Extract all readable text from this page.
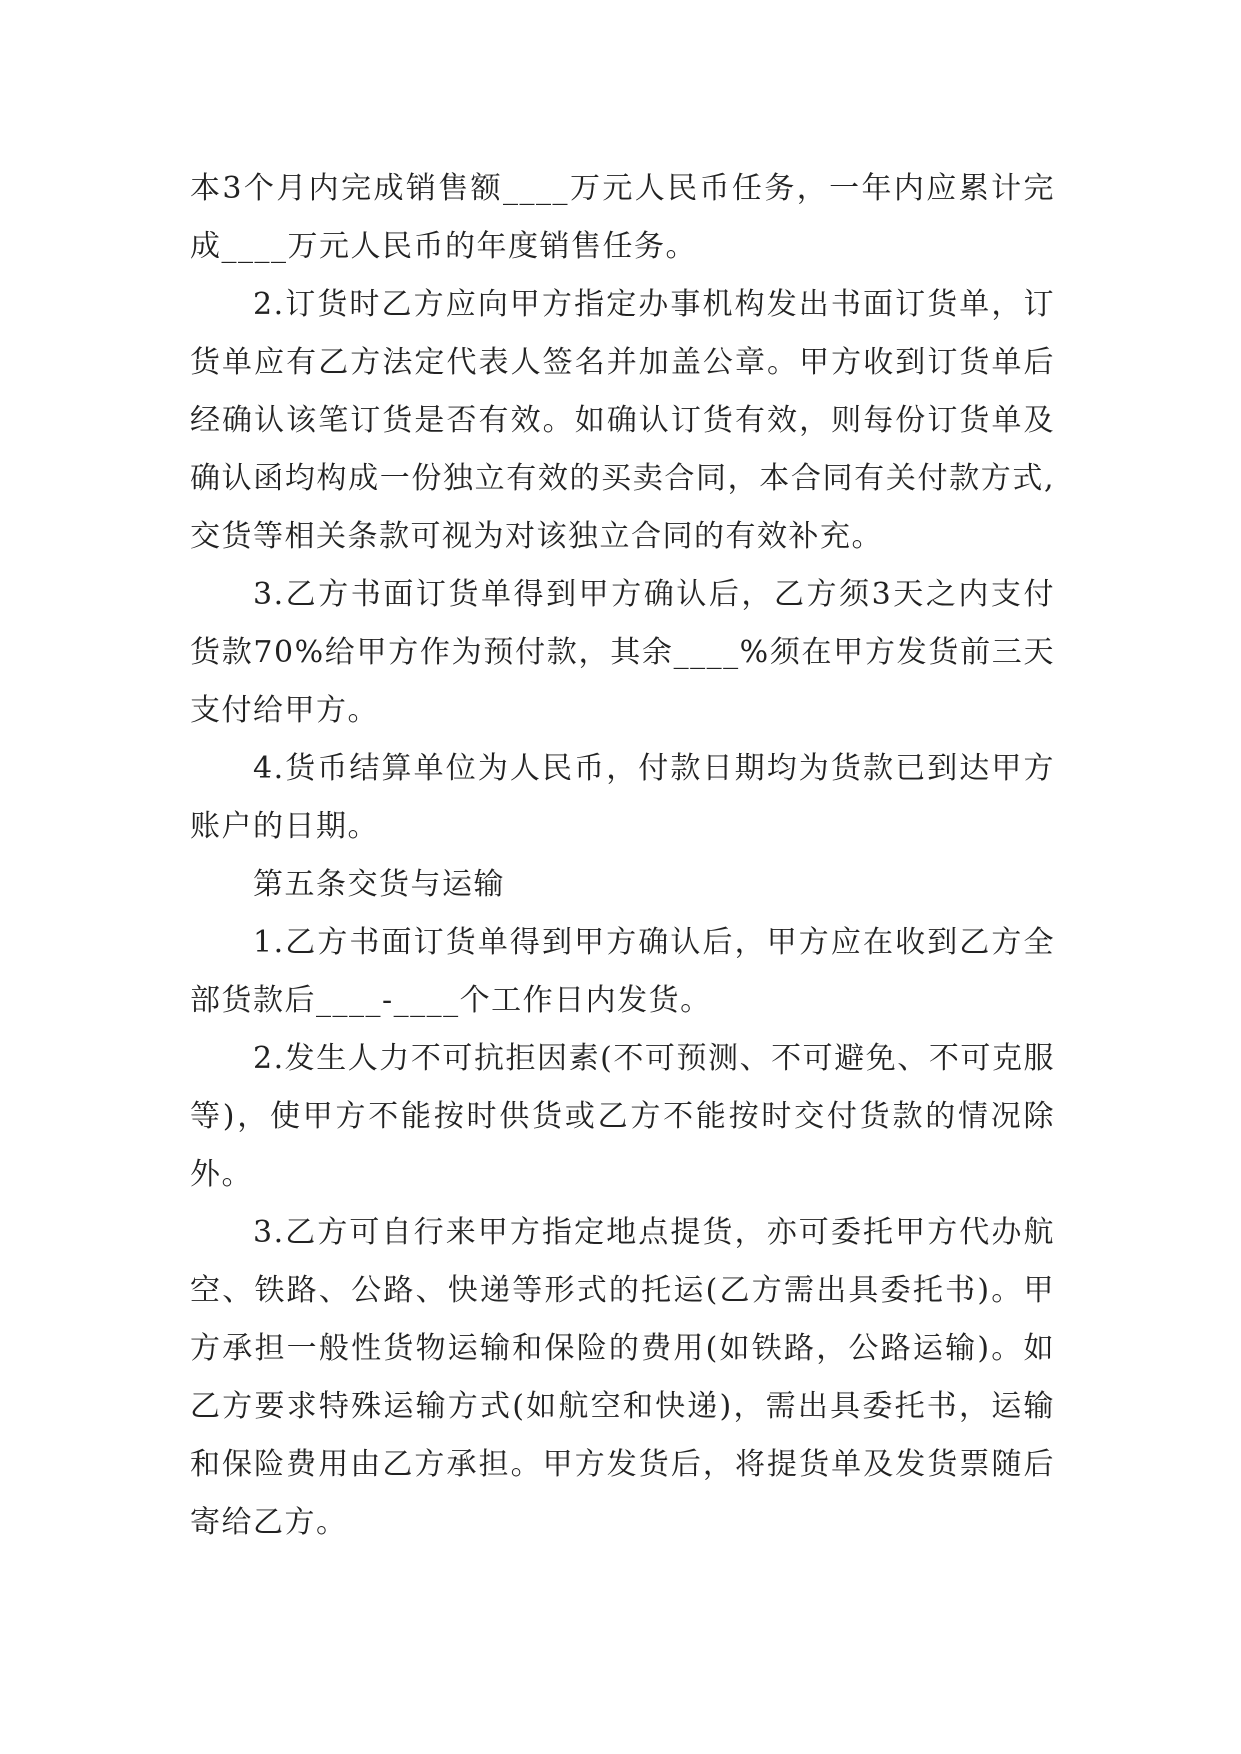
本3个月内完成销售额____万元人民币任务，一年内应累计完成____万元人民币的年度销售任务。

2.订货时乙方应向甲方指定办事机构发出书面订货单，订货单应有乙方法定代表人签名并加盖公章。甲方收到订货单后经确认该笔订货是否有效。如确认订货有效，则每份订货单及确认函均构成一份独立有效的买卖合同，本合同有关付款方式,交货等相关条款可视为对该独立合同的有效补充。

3.乙方书面订货单得到甲方确认后，乙方须3天之内支付货款70%给甲方作为预付款，其余____%须在甲方发货前三天支付给甲方。

4.货币结算单位为人民币，付款日期均为货款已到达甲方账户的日期。

第五条交货与运输

1.乙方书面订货单得到甲方确认后，甲方应在收到乙方全部货款后____-____个工作日内发货。

2.发生人力不可抗拒因素(不可预测、不可避免、不可克服等)，使甲方不能按时供货或乙方不能按时交付货款的情况除外。

3.乙方可自行来甲方指定地点提货，亦可委托甲方代办航空、铁路、公路、快递等形式的托运(乙方需出具委托书)。甲方承担一般性货物运输和保险的费用(如铁路，公路运输)。如乙方要求特殊运输方式(如航空和快递)，需出具委托书，运输和保险费用由乙方承担。甲方发货后，将提货单及发货票随后寄给乙方。
